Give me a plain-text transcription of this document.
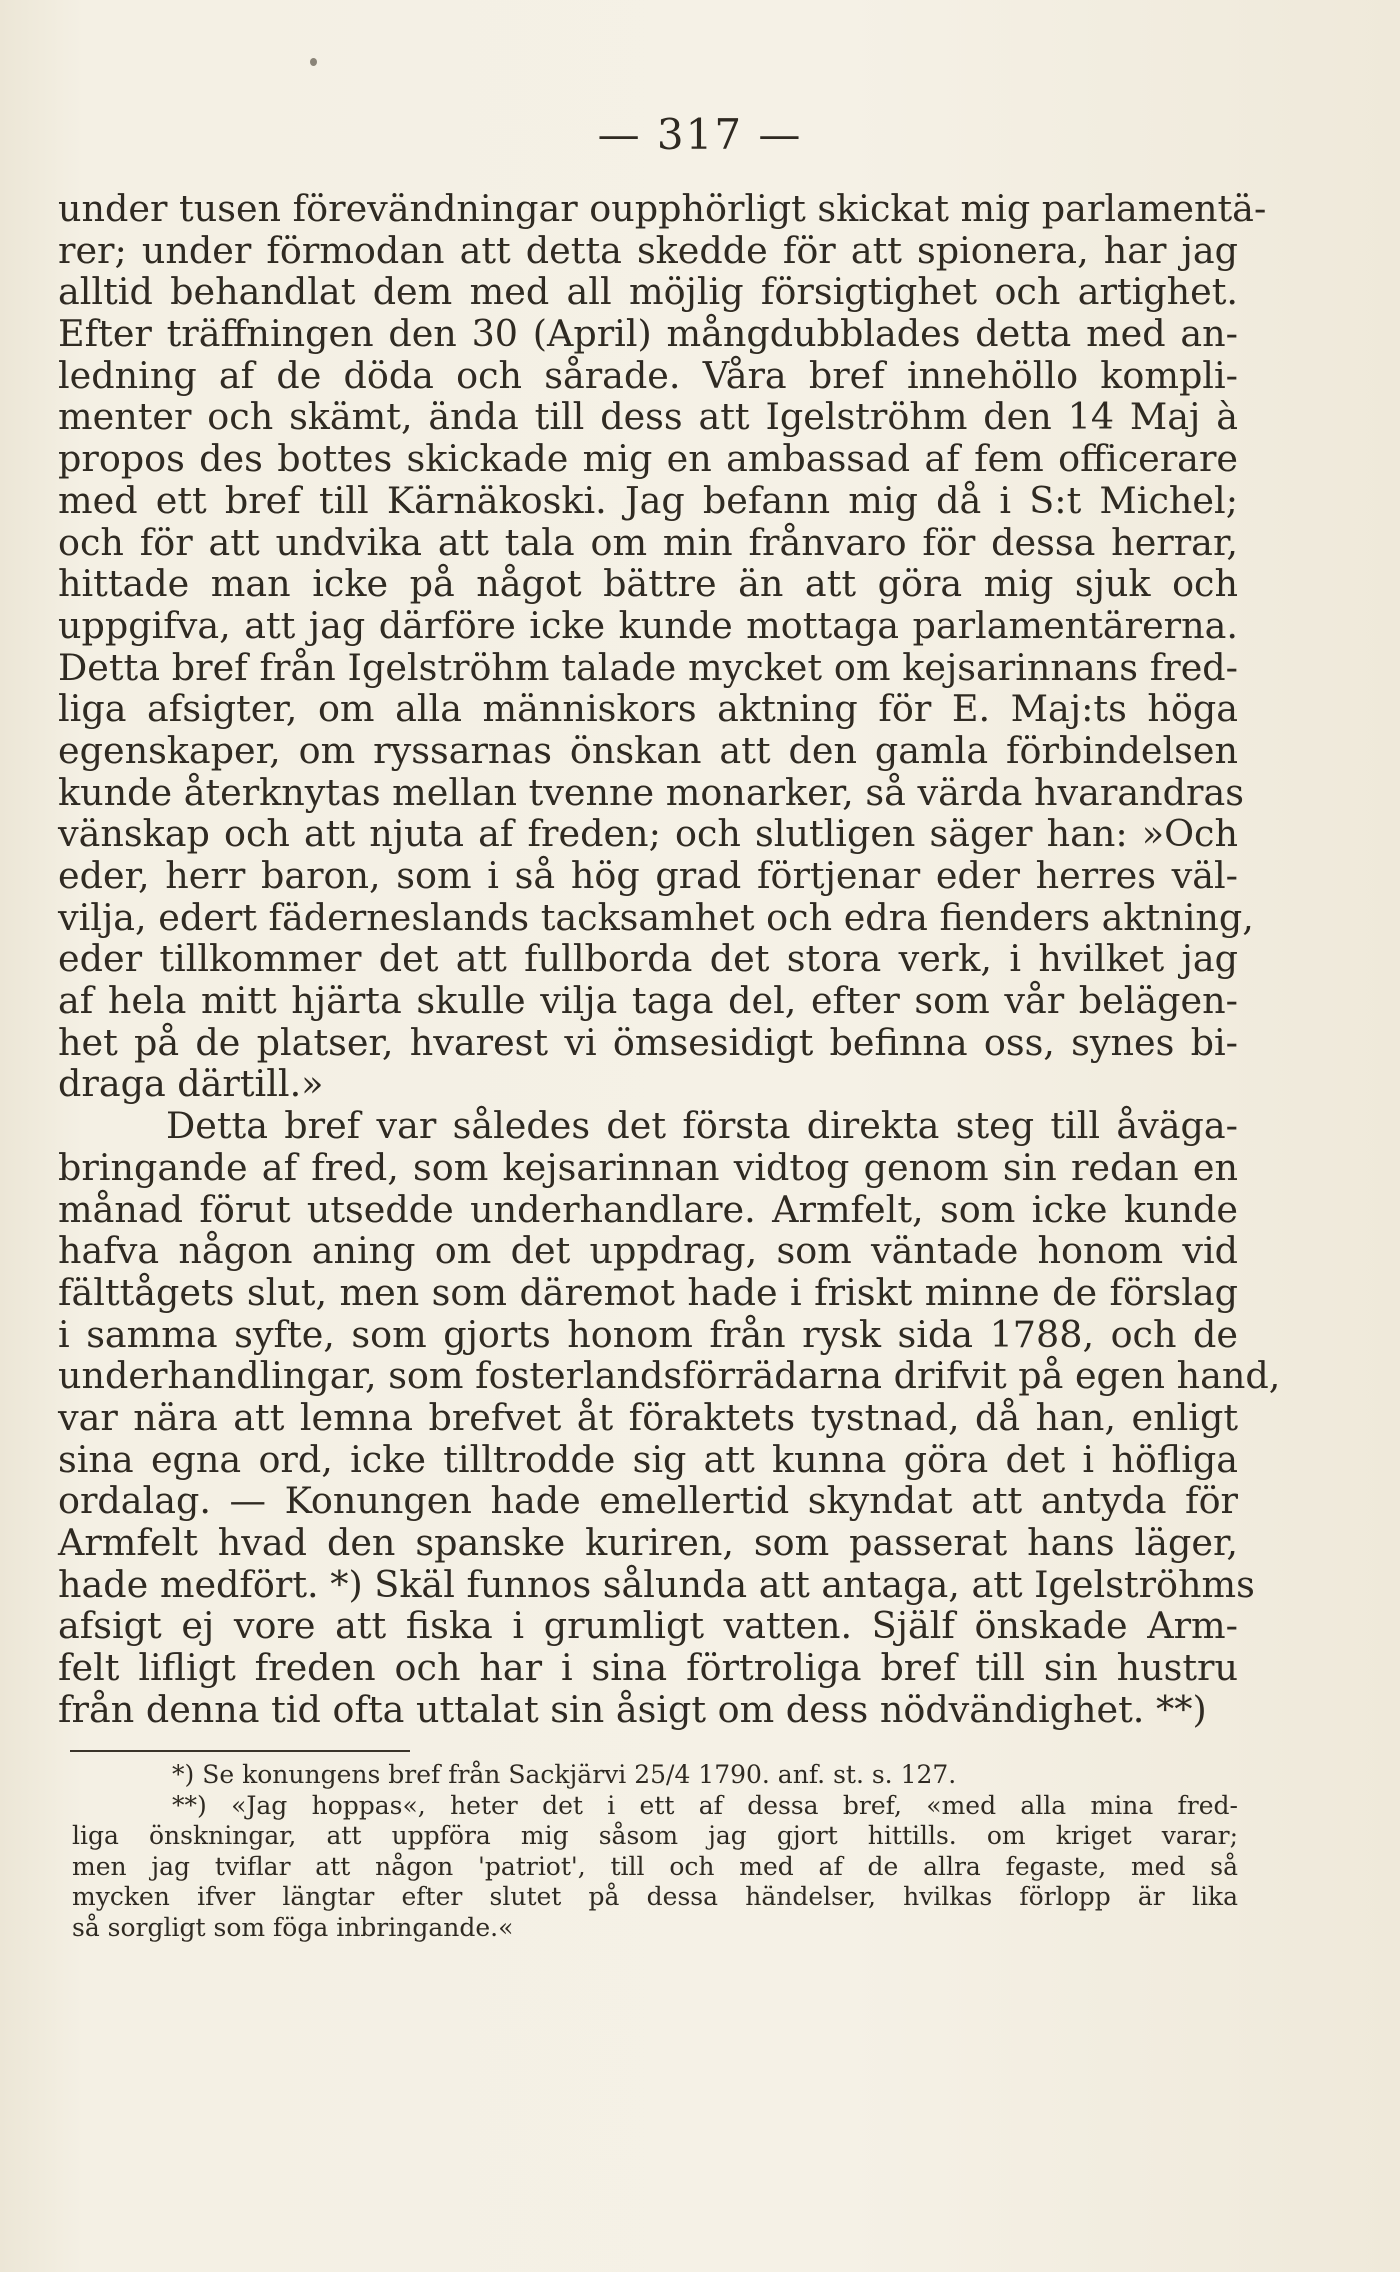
— 317 —
under tusen förevändningar oupphörligt skickat mig parlamentä-
rer; under förmodan att detta skedde för att spionera, har jag
alltid behandlat dem med all möjlig försigtighet och artighet.
Efter träffningen den 30 (April) mångdubblades detta med an-
ledning af de döda och sårade. Våra bref innehöllo kompli-
menter och skämt, ända till dess att Igelströhm den 14 Maj à
propos des bottes skickade mig en ambassad af fem officerare
med ett bref till Kärnäkoski. Jag befann mig då i S:t Michel;
och för att undvika att tala om min frånvaro för dessa herrar,
hittade man icke på något bättre än att göra mig sjuk och
uppgifva, att jag därföre icke kunde mottaga parlamentärerna.
Detta bref från Igelströhm talade mycket om kejsarinnans fred-
liga afsigter, om alla människors aktning för E. Maj:ts höga
egenskaper, om ryssarnas önskan att den gamla förbindelsen
kunde återknytas mellan tvenne monarker, så värda hvarandras
vänskap och att njuta af freden; och slutligen säger han: »Och
eder, herr baron, som i så hög grad förtjenar eder herres väl-
vilja, edert fäderneslands tacksamhet och edra fienders aktning,
eder tillkommer det att fullborda det stora verk, i hvilket jag
af hela mitt hjärta skulle vilja taga del, efter som vår belägen-
het på de platser, hvarest vi ömsesidigt befinna oss, synes bi-
draga därtill.»
Detta bref var således det första direkta steg till åväga-
bringande af fred, som kejsarinnan vidtog genom sin redan en
månad förut utsedde underhandlare. Armfelt, som icke kunde
hafva någon aning om det uppdrag, som väntade honom vid
fälttågets slut, men som däremot hade i friskt minne de förslag
i samma syfte, som gjorts honom från rysk sida 1788, och de
underhandlingar, som fosterlandsförrädarna drifvit på egen hand,
var nära att lemna brefvet åt föraktets tystnad, då han, enligt
sina egna ord, icke tilltrodde sig att kunna göra det i höfliga
ordalag. — Konungen hade emellertid skyndat att antyda för
Armfelt hvad den spanske kuriren, som passerat hans läger,
hade medfört. *) Skäl funnos sålunda att antaga, att Igelströhms
afsigt ej vore att fiska i grumligt vatten. Själf önskade Arm-
felt lifligt freden och har i sina förtroliga bref till sin hustru
från denna tid ofta uttalat sin åsigt om dess nödvändighet. **)
*) Se konungens bref från Sackjärvi 25/4 1790. anf. st. s. 127.
**) «Jag hoppas«, heter det i ett af dessa bref, «med alla mina fred-
liga önskningar, att uppföra mig såsom jag gjort hittills. om kriget varar;
men jag tviflar att någon 'patriot', till och med af de allra fegaste, med så
mycken ifver längtar efter slutet på dessa händelser, hvilkas förlopp är lika
så sorgligt som föga inbringande.«
